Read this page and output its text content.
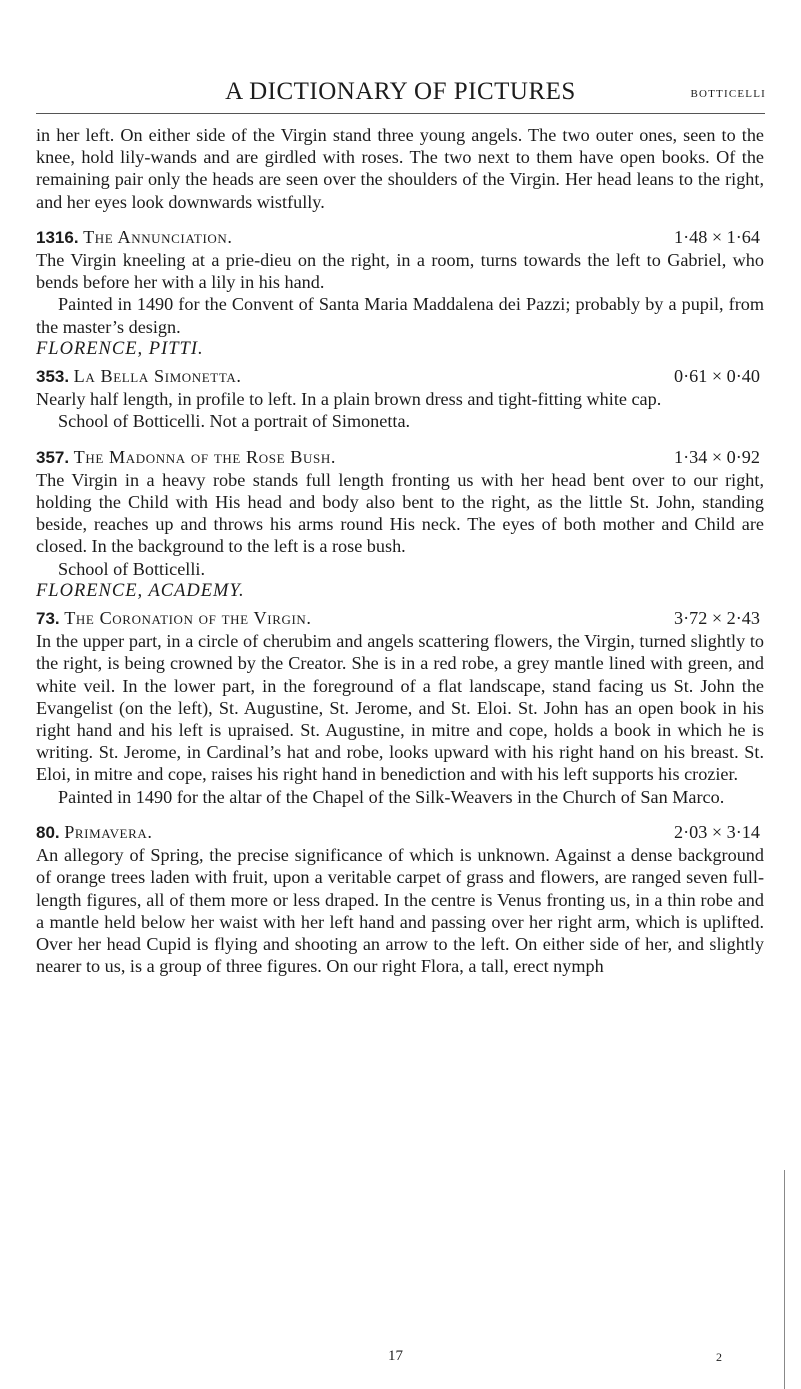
A DICTIONARY OF PICTURES	BOTTICELLI

in her left. On either side of the Virgin stand three young angels. The two outer ones, seen to the knee, hold lily-wands and are girdled with roses. The two next to them have open books. Of the remaining pair only the heads are seen over the shoulders of the Virgin. Her head leans to the right, and her eyes look downwards wistfully.

1316. The Annunciation.	1·48 × 1·64

The Virgin kneeling at a prie-dieu on the right, in a room, turns towards the left to Gabriel, who bends before her with a lily in his hand.

Painted in 1490 for the Convent of Santa Maria Maddalena dei Pazzi; probably by a pupil, from the master’s design.

FLORENCE, PITTI.

353. La Bella Simonetta.	0·61 × 0·40

Nearly half length, in profile to left. In a plain brown dress and tight-fitting white cap.

School of Botticelli. Not a portrait of Simonetta.

357. The Madonna of the Rose Bush.	1·34 × 0·92

The Virgin in a heavy robe stands full length fronting us with her head bent over to our right, holding the Child with His head and body also bent to the right, as the little St. John, standing beside, reaches up and throws his arms round His neck. The eyes of both mother and Child are closed. In the background to the left is a rose bush.

School of Botticelli.

FLORENCE, ACADEMY.

73. The Coronation of the Virgin.	3·72 × 2·43

In the upper part, in a circle of cherubim and angels scattering flowers, the Virgin, turned slightly to the right, is being crowned by the Creator. She is in a red robe, a grey mantle lined with green, and white veil. In the lower part, in the foreground of a flat landscape, stand facing us St. John the Evangelist (on the left), St. Augustine, St. Jerome, and St. Eloi. St. John has an open book in his right hand and his left is upraised. St. Augustine, in mitre and cope, holds a book in which he is writing. St. Jerome, in Cardinal’s hat and robe, looks upward with his right hand on his breast. St. Eloi, in mitre and cope, raises his right hand in benediction and with his left supports his crozier.

Painted in 1490 for the altar of the Chapel of the Silk-Weavers in the Church of San Marco.

80. Primavera.	2·03 × 3·14

An allegory of Spring, the precise significance of which is unknown. Against a dense background of orange trees laden with fruit, upon a veritable carpet of grass and flowers, are ranged seven full-length figures, all of them more or less draped. In the centre is Venus fronting us, in a thin robe and a mantle held below her waist with her left hand and passing over her right arm, which is uplifted. Over her head Cupid is flying and shooting an arrow to the left. On either side of her, and slightly nearer to us, is a group of three figures. On our right Flora, a tall, erect nymph

17	2
